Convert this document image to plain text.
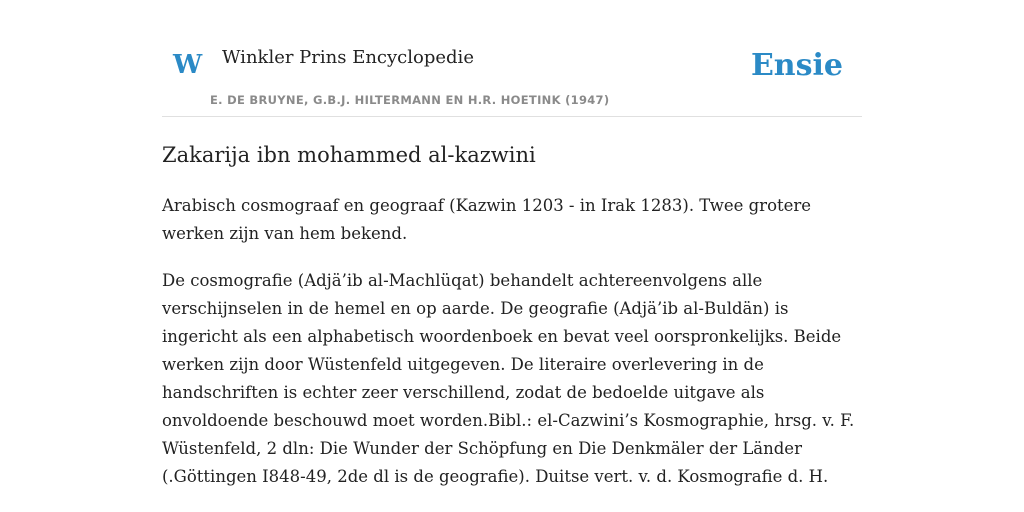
W Winkler Prins Encyclopedie
E. DE BRUYNE, G.B.J. HILTERMANN EN H.R. HOETINK (1947)
Ensie
Zakarija ibn mohammed al-kazwini

Arabisch cosmograaf en geograaf (Kazwin 1203 - in Irak 1283). Twee grotere werken zijn van hem bekend.

De cosmografie (Adjä’ib al-Machlüqat) behandelt achtereenvolgens alle verschijnselen in de hemel en op aarde. De geografie (Adjä’ib al-Buldän) is ingericht als een alphabetisch woordenboek en bevat veel oorspronkelijks. Beide werken zijn door Wüstenfeld uitgegeven. De literaire overlevering in de handschriften is echter zeer verschillend, zodat de bedoelde uitgave als onvoldoende beschouwd moet worden.Bibl.: el-Cazwini’s Kosmographie, hrsg. v. F. Wüstenfeld, 2 dln: Die Wunder der Schöpfung en Die Denkmäler der Länder (.Göttingen I848-49, 2de dl is de geografie). Duitse vert. v. d. Kosmografie d. H.
